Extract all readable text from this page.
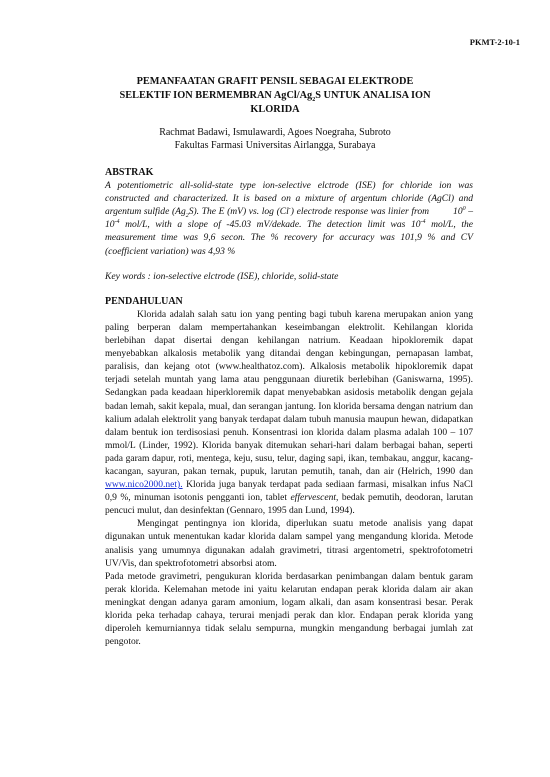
PKMT-2-10-1
PEMANFAATAN GRAFIT PENSIL SEBAGAI ELEKTRODE
SELEKTIF ION BERMEMBRAN AgCl/$Ag_2S$ UNTUK ANALISA ION
KLORIDA
Rachmat Badawi, Ismulawardi, Agoes Noegraha, Subroto
Fakultas Farmasi Universitas Airlangga, Surabaya

ABSTRAK

A potentiometric all-solid-state type ion-selective elctrode (ISE) for chloride ion was constructed and characterized. It is based on a mixture of argentum chloride (AgCl) and argentum sulfide $(Ag_2S)$. The E (mV) vs. log (Cl-) electrode response was linier from	$10^0 - 10^{-4}$ mol/L, with a slope of -45.03 mV/dekade. The detection limit was $10^{-4}$ mol/L, the measurement time was 9,6 secon. The % recovery for accuracy was 101,9 % and CV (coefficient variation) was 4,93 %

Key words : ion-selective elctrode (ISE), chloride, solid-state

PENDAHULUAN

Klorida adalah salah satu ion yang penting bagi tubuh karena merupakan anion yang paling berperan dalam mempertahankan keseimbangan elektrolit. Kehilangan klorida berlebihan dapat disertai dengan kehilangan natrium. Keadaan hipokloremik dapat menyebabkan alkalosis metabolik yang ditandai dengan kebingungan, pernapasan lambat, paralisis, dan kejang otot (www.healthatoz.com). Alkalosis metabolik hipokloremik dapat terjadi setelah muntah yang lama atau penggunaan diuretik berlebihan (Ganiswarna, 1995). Sedangkan pada keadaan hiperkloremik dapat menyebabkan asidosis metabolik dengan gejala badan lemah, sakit kepala, mual, dan serangan jantung. Ion klorida bersama dengan natrium dan kalium adalah elektrolit yang banyak terdapat dalam tubuh manusia maupun hewan, didapatkan dalam bentuk ion terdisosiasi penuh. Konsentrasi ion klorida dalam plasma adalah 100 – 107 mmol/L (Linder, 1992). Klorida banyak ditemukan sehari-hari dalam berbagai bahan, seperti pada garam dapur, roti, mentega, keju, susu, telur, daging sapi, ikan, tembakau, anggur, kacang-kacangan, sayuran, pakan ternak, pupuk, larutan pemutih, tanah, dan air (Helrich, 1990 dan www.nico2000.net). Klorida juga banyak terdapat pada sediaan farmasi, misalkan infus NaCl 0,9 %, minuman isotonis pengganti ion, tablet effervescent, bedak pemutih, deodoran, larutan pencuci mulut, dan desinfektan (Gennaro, 1995 dan Lund, 1994).

Mengingat pentingnya ion klorida, diperlukan suatu metode analisis yang dapat digunakan untuk menentukan kadar klorida dalam sampel yang mengandung klorida. Metode analisis yang umumnya digunakan adalah gravimetri, titrasi argentometri, spektrofotometri UV/Vis, dan spektrofotometri absorbsi atom.

Pada metode gravimetri, pengukuran klorida berdasarkan penimbangan dalam bentuk garam perak klorida. Kelemahan metode ini yaitu kelarutan endapan perak klorida dalam air akan meningkat dengan adanya garam amonium, logam alkali, dan asam konsentrasi besar. Perak klorida peka terhadap cahaya, terurai menjadi perak dan klor. Endapan perak klorida yang diperoleh kemurniannya tidak selalu sempurna, mungkin mengandung berbagai jumlah zat pengotor.
